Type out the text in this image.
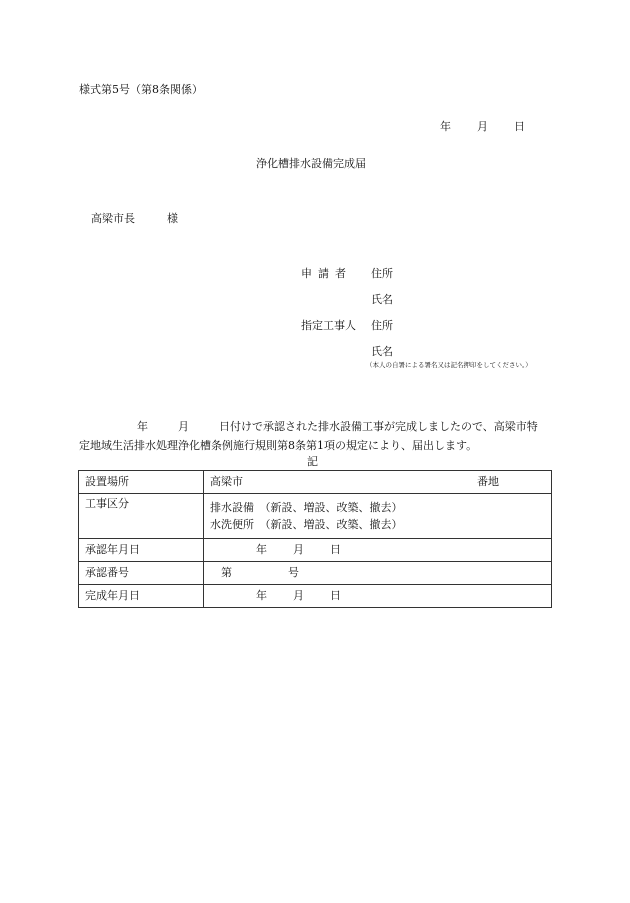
様式第5号（第8条関係）
年 月 日
浄化槽排水設備完成届
高梁市長	様
申請者 住所
氏名
指定工事人 住所
氏名
（本人の自署による署名又は記名押印をしてください。）

年	月	日付けで承認された排水設備工事が完成しましたので、高梁市特

定地域生活排水処理浄化槽条例施行規則第8条第1項の規定により、届出します。

記
設置場所	高梁市 番地

工事区分	排水設備　（新設、増設、改築、撤去）
水洗便所　（新設、増設、改築、撤去）

承認年月日	年 月 日
承認番号	第 号
完成年月日	年 月 日
